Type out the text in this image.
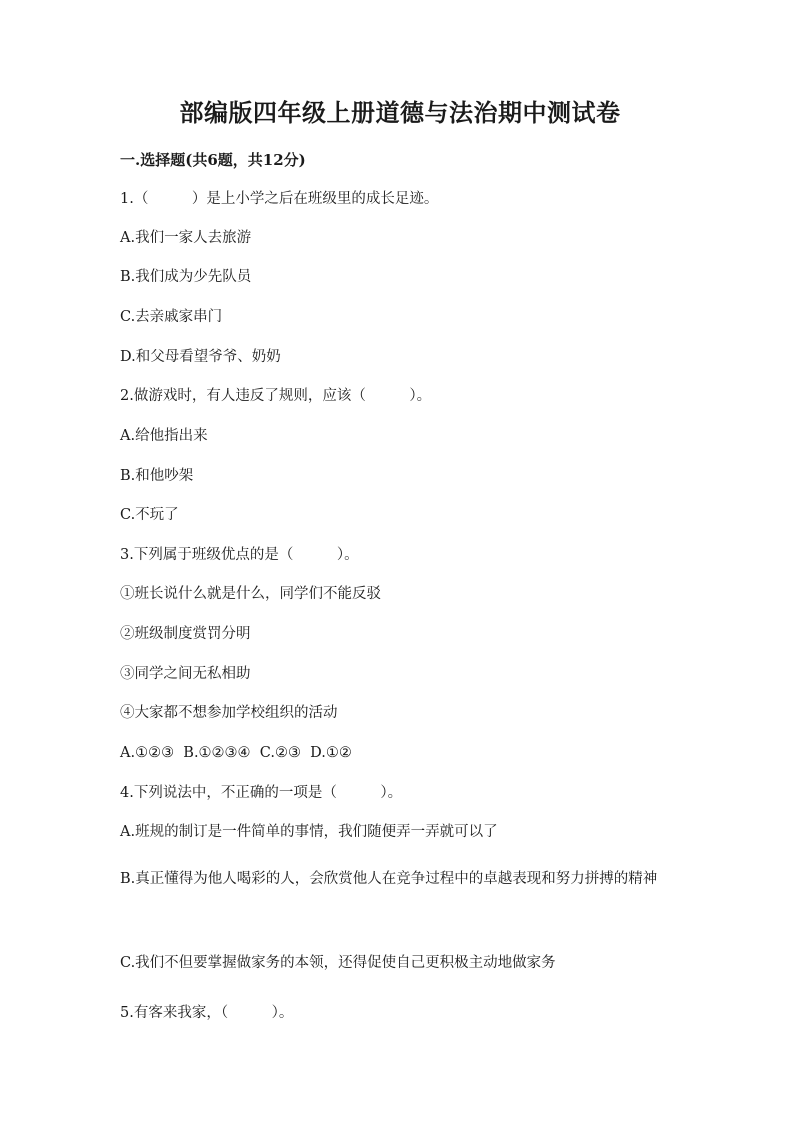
部编版四年级上册道德与法治期中测试卷
一.选择题(共6题，共12分)
1.（　　　）是上小学之后在班级里的成长足迹。
A.我们一家人去旅游
B.我们成为少先队员
C.去亲戚家串门
D.和父母看望爷爷、奶奶
2.做游戏时，有人违反了规则，应该（　　　）。
A.给他指出来
B.和他吵架
C.不玩了
3.下列属于班级优点的是（　　　）。
①班长说什么就是什么，同学们不能反驳
②班级制度赏罚分明
③同学之间无私相助
④大家都不想参加学校组织的活动
A.①②③  B.①②③④  C.②③  D.①②
4.下列说法中，不正确的一项是（　　　）。
A.班规的制订是一件简单的事情，我们随便弄一弄就可以了
B.真正懂得为他人喝彩的人，会欣赏他人在竞争过程中的卓越表现和努力拼搏的精神
C.我们不但要掌握做家务的本领，还得促使自己更积极主动地做家务
5.有客来我家，（　　　）。
